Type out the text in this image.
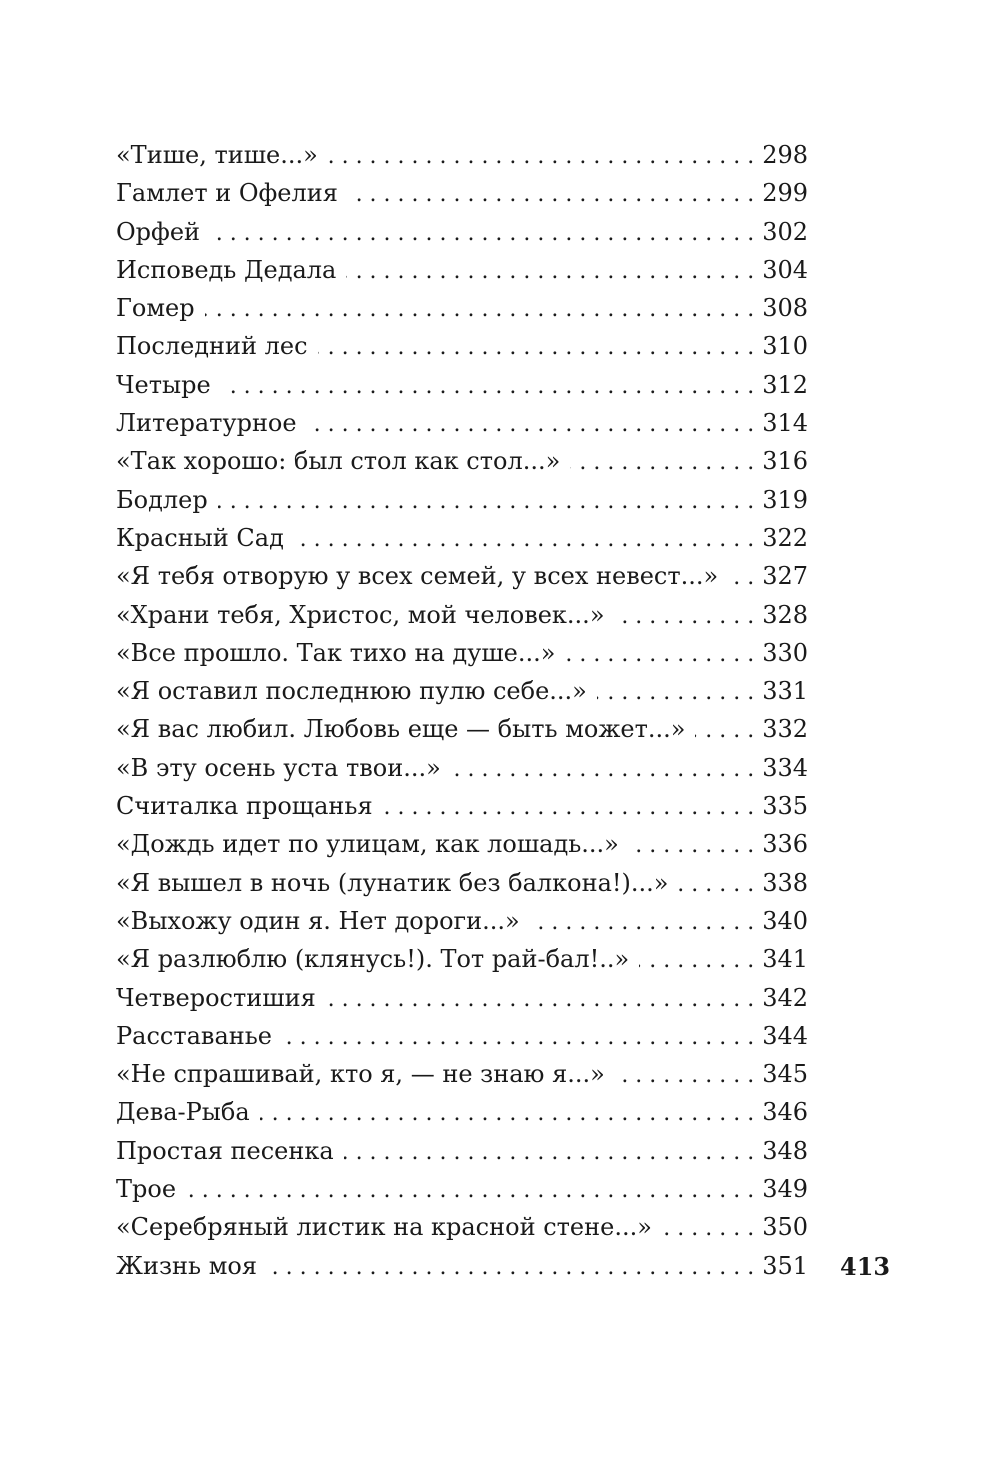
«Тише, тише...» . . .	298
Гамлет и Офелия . . .	299
Орфей . . .	302
Исповедь Дедала . . .	304
Гомер . . .	308
Последний лес . . .	310
Четыре . . .	312
Литературное . . .	314
«Так хорошо: был стол как стол...» . . .	316
Бодлер . . .	319
Красный Сад . . .	322
«Я тебя отворую у всех семей, у всех невест...» . . .	327
«Храни тебя, Христос, мой человек...» . . .	328
«Все прошло. Так тихо на душе...» . . .	330
«Я оставил последнюю пулю себе...» . . .	331
«Я вас любил. Любовь еще — быть может...» . . .	332
«В эту осень уста твои...» . . .	334
Считалка прощанья . . .	335
«Дождь идет по улицам, как лошадь...» . . .	336
«Я вышел в ночь (лунатик без балкона!)...» . . .	338
«Выхожу один я. Нет дороги...» . . .	340
«Я разлюблю (клянусь!). Тот рай-бал!..» . . .	341
Четверостишия . . .	342
Расставанье . . .	344
«Не спрашивай, кто я, — не знаю я...» . . .	345
Дева-Рыба . . .	346
Простая песенка . . .	348
Трое . . .	349
«Серебряный листик на красной стене...» . . .	350
Жизнь моя . . .	351 413
